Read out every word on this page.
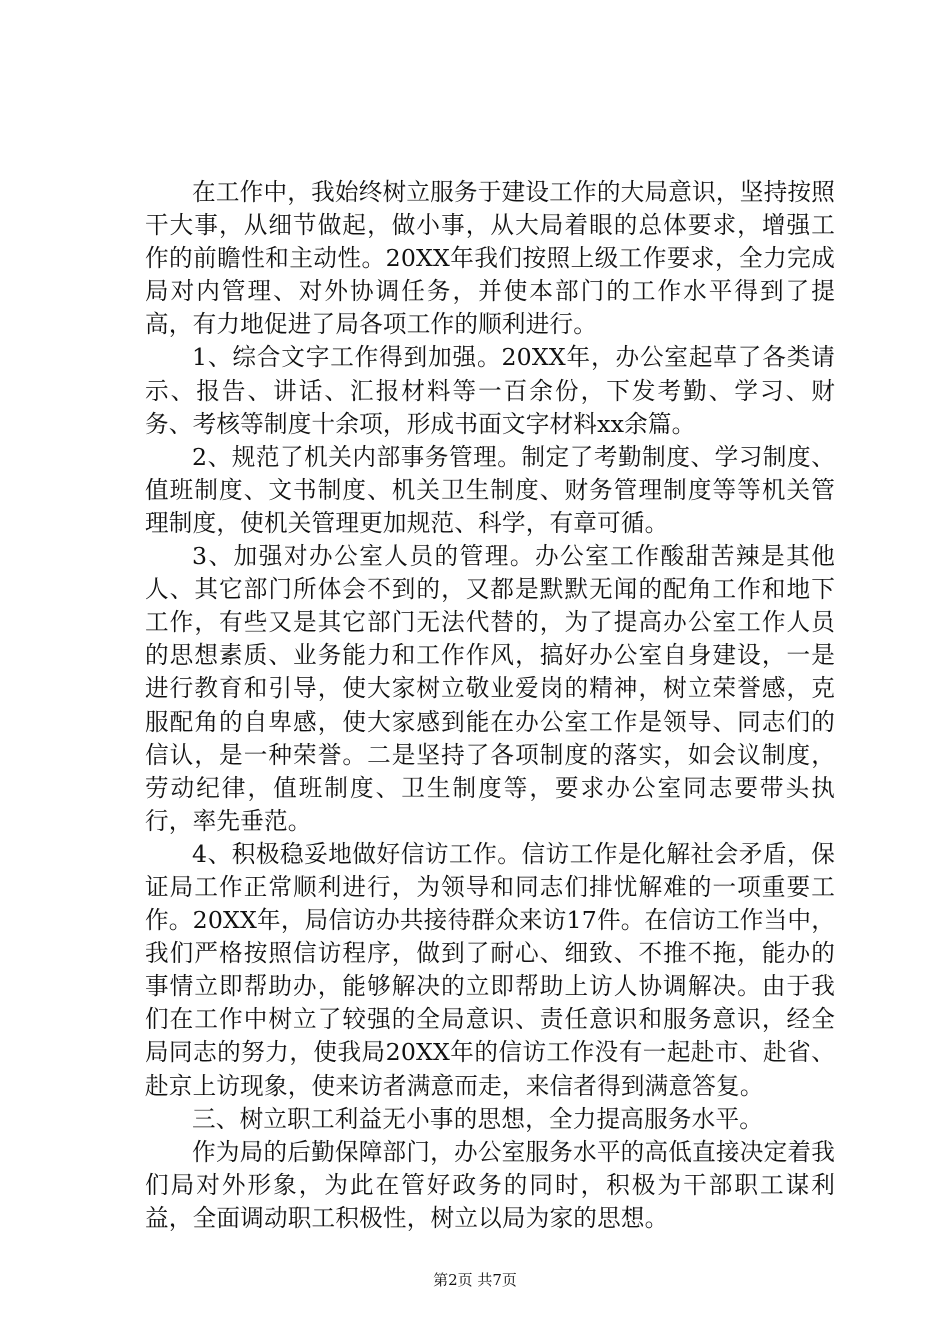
在工作中，我始终树立服务于建设工作的大局意识，坚持按照干大事，从细节做起，做小事，从大局着眼的总体要求，增强工作的前瞻性和主动性。20XX年我们按照上级工作要求，全力完成局对内管理、对外协调任务，并使本部门的工作水平得到了提高，有力地促进了局各项工作的顺利进行。

1、综合文字工作得到加强。20XX年，办公室起草了各类请示、报告、讲话、汇报材料等一百余份，下发考勤、学习、财务、考核等制度十余项，形成书面文字材料xx余篇。

2、规范了机关内部事务管理。制定了考勤制度、学习制度、值班制度、文书制度、机关卫生制度、财务管理制度等等机关管理制度，使机关管理更加规范、科学，有章可循。

3、加强对办公室人员的管理。办公室工作酸甜苦辣是其他人、其它部门所体会不到的，又都是默默无闻的配角工作和地下工作，有些又是其它部门无法代替的，为了提高办公室工作人员的思想素质、业务能力和工作作风，搞好办公室自身建设，一是进行教育和引导，使大家树立敬业爱岗的精神，树立荣誉感，克服配角的自卑感，使大家感到能在办公室工作是领导、同志们的信认，是一种荣誉。二是坚持了各项制度的落实，如会议制度，劳动纪律，值班制度、卫生制度等，要求办公室同志要带头执行，率先垂范。

4、积极稳妥地做好信访工作。信访工作是化解社会矛盾，保证局工作正常顺利进行，为领导和同志们排忧解难的一项重要工作。20XX年，局信访办共接待群众来访17件。在信访工作当中，我们严格按照信访程序，做到了耐心、细致、不推不拖，能办的事情立即帮助办，能够解决的立即帮助上访人协调解决。由于我们在工作中树立了较强的全局意识、责任意识和服务意识，经全局同志的努力，使我局20XX年的信访工作没有一起赴市、赴省、赴京上访现象，使来访者满意而走，来信者得到满意答复。

三、树立职工利益无小事的思想，全力提高服务水平。

作为局的后勤保障部门，办公室服务水平的高低直接决定着我们局对外形象，为此在管好政务的同时，积极为干部职工谋利益，全面调动职工积极性，树立以局为家的思想。

第2页 共7页
